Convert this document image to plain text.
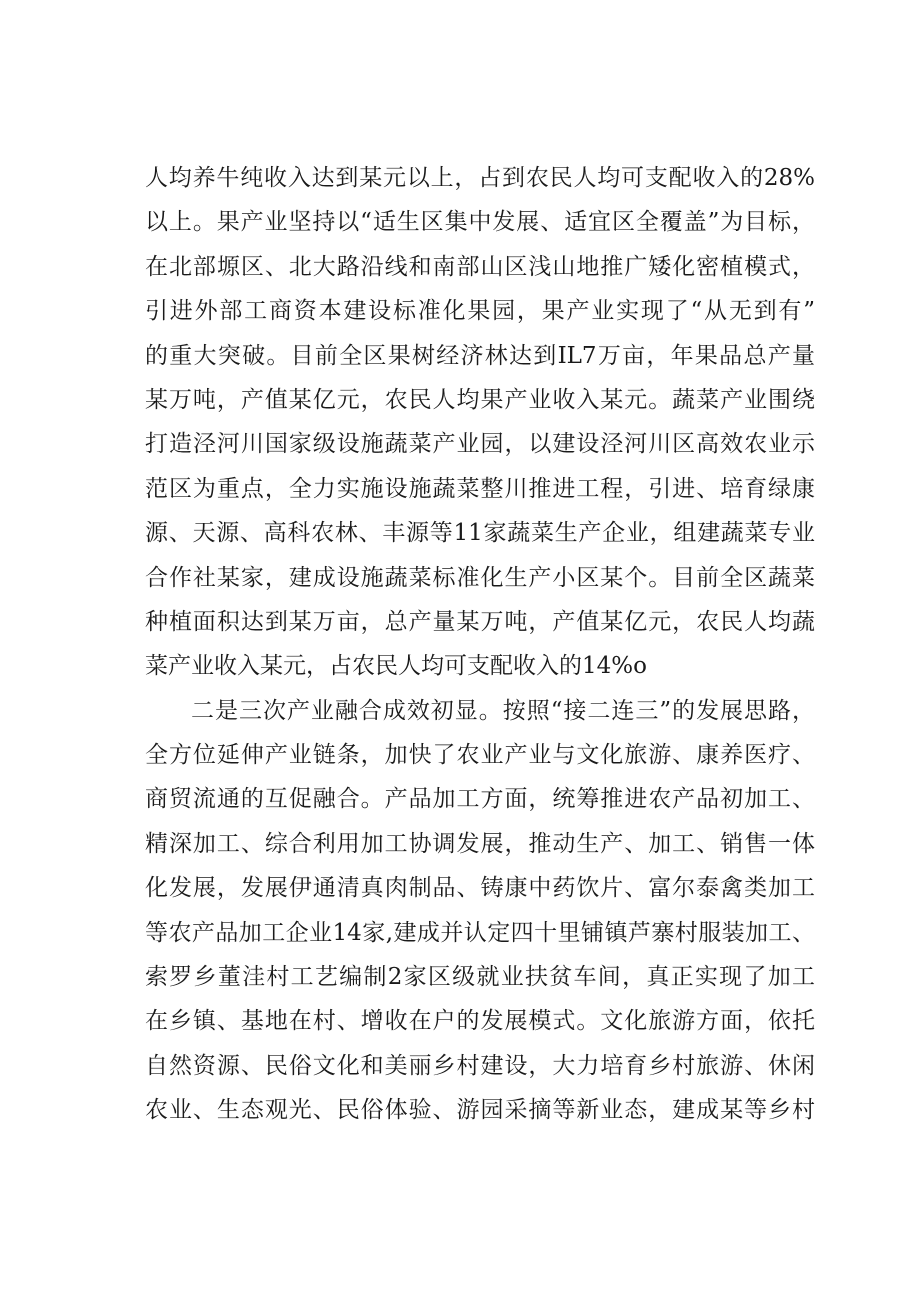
人均养牛纯收入达到某元以上，占到农民人均可支配收入的28%
以上。果产业坚持以“适生区集中发展、适宜区全覆盖”为目标，
在北部塬区、北大路沿线和南部山区浅山地推广矮化密植模式，
引进外部工商资本建设标准化果园，果产业实现了“从无到有”
的重大突破。目前全区果树经济林达到IL7万亩，年果品总产量
某万吨，产值某亿元，农民人均果产业收入某元。蔬菜产业围绕
打造泾河川国家级设施蔬菜产业园，以建设泾河川区高效农业示
范区为重点，全力实施设施蔬菜整川推进工程，引进、培育绿康
源、天源、高科农林、丰源等11家蔬菜生产企业，组建蔬菜专业
合作社某家，建成设施蔬菜标准化生产小区某个。目前全区蔬菜
种植面积达到某万亩，总产量某万吨，产值某亿元，农民人均蔬
菜产业收入某元，占农民人均可支配收入的14%o
二是三次产业融合成效初显。按照“接二连三”的发展思路，
全方位延伸产业链条，加快了农业产业与文化旅游、康养医疗、
商贸流通的互促融合。产品加工方面，统筹推进农产品初加工、
精深加工、综合利用加工协调发展，推动生产、加工、销售一体
化发展，发展伊通清真肉制品、铸康中药饮片、富尔泰禽类加工
等农产品加工企业14家,建成并认定四十里铺镇芦寨村服装加工、
索罗乡董洼村工艺编制2家区级就业扶贫车间，真正实现了加工
在乡镇、基地在村、增收在户的发展模式。文化旅游方面，依托
自然资源、民俗文化和美丽乡村建设，大力培育乡村旅游、休闲
农业、生态观光、民俗体验、游园采摘等新业态，建成某等乡村
